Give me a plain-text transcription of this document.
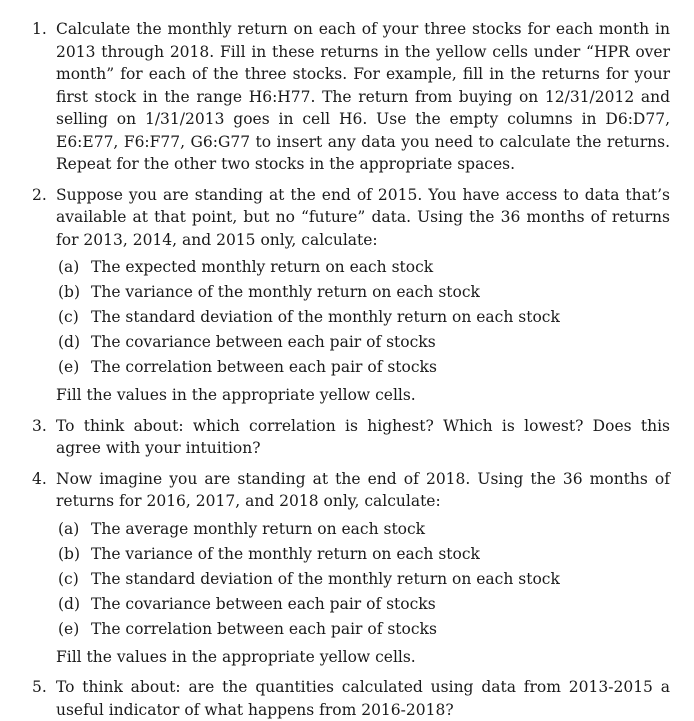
1. Calculate the monthly return on each of your three stocks for each month in 2013 through 2018. Fill in these returns in the yellow cells under “HPR over month” for each of the three stocks. For example, fill in the returns for your first stock in the range H6:H77. The return from buying on 12/31/2012 and selling on 1/31/2013 goes in cell H6. Use the empty columns in D6:D77, E6:E77, F6:F77, G6:G77 to insert any data you need to calculate the returns. Repeat for the other two stocks in the appropriate spaces.
2. Suppose you are standing at the end of 2015. You have access to data that’s available at that point, but no “future” data. Using the 36 months of returns for 2013, 2014, and 2015 only, calculate:
(a) The expected monthly return on each stock
(b) The variance of the monthly return on each stock
(c) The standard deviation of the monthly return on each stock
(d) The covariance between each pair of stocks
(e) The correlation between each pair of stocks
Fill the values in the appropriate yellow cells.
3. To think about: which correlation is highest? Which is lowest? Does this agree with your intuition?
4. Now imagine you are standing at the end of 2018. Using the 36 months of returns for 2016, 2017, and 2018 only, calculate:
(a) The average monthly return on each stock
(b) The variance of the monthly return on each stock
(c) The standard deviation of the monthly return on each stock
(d) The covariance between each pair of stocks
(e) The correlation between each pair of stocks
Fill the values in the appropriate yellow cells.
5. To think about: are the quantities calculated using data from 2013-2015 a useful indicator of what happens from 2016-2018?
